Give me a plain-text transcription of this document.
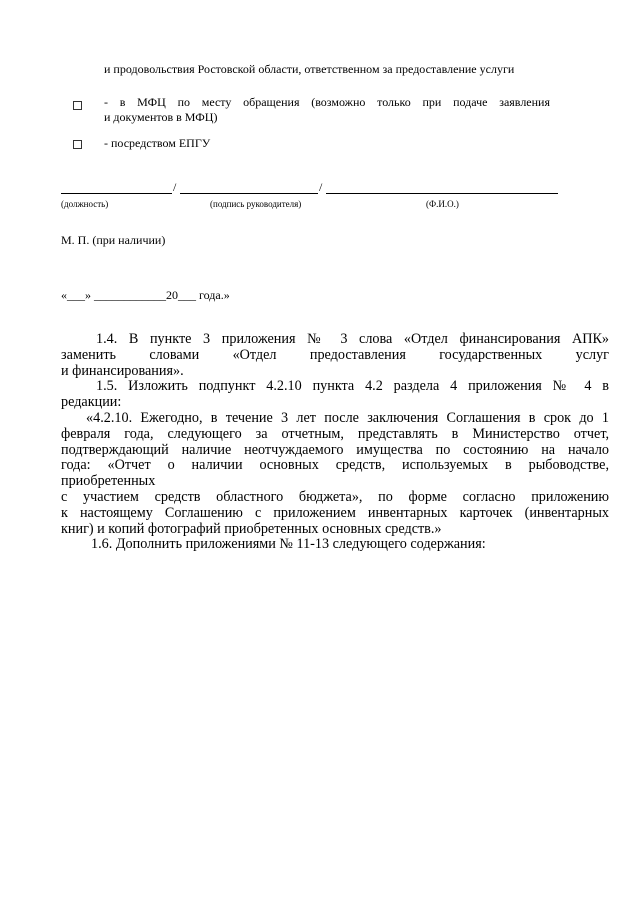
и продовольствия Ростовской области, ответственном за предоставление услуги
- в МФЦ по месту обращения (возможно только при подаче заявления
и документов в МФЦ)
- посредством ЕПГУ
/	/
(должность)	(подпись руководителя)	(Ф.И.О.)
М. П. (при наличии)
«___» ____________20___ года.»
1.4. В пункте 3 приложения № 3 слова «Отдел финансирования АПК»
заменить словами «Отдел предоставления государственных услуг
и финансирования».
1.5. Изложить подпункт 4.2.10 пункта 4.2 раздела 4 приложения № 4 в
редакции:
«4.2.10. Ежегодно, в течение 3 лет после заключения Соглашения в срок до 1
февраля года, следующего за отчетным, представлять в Министерство отчет,
подтверждающий наличие неотчуждаемого имущества по состоянию на начало
года: «Отчет о наличии основных средств, используемых в рыбоводстве,
приобретенных
с участием средств областного бюджета», по форме согласно приложению
к настоящему Соглашению с приложением инвентарных карточек (инвентарных
книг) и копий фотографий приобретенных основных средств.»
1.6. Дополнить приложениями № 11-13 следующего содержания:
